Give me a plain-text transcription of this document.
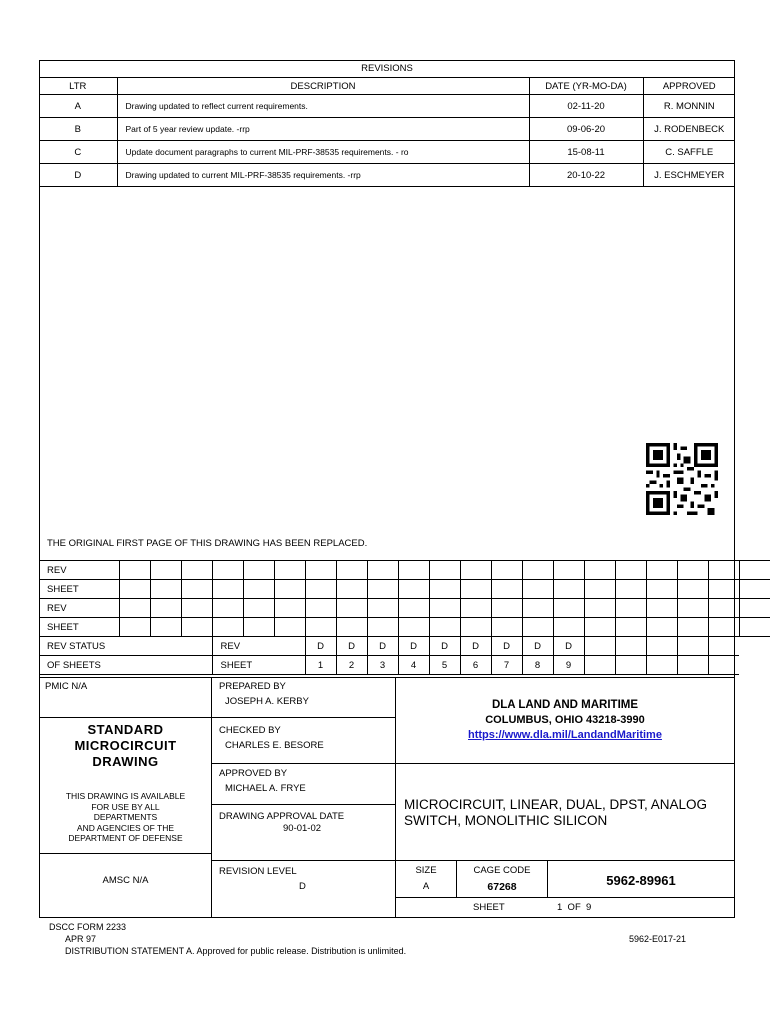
REVISIONS			
LTR	DESCRIPTION	DATE (YR-MO-DA)	APPROVED
A	Drawing updated to reflect current requirements.	02-11-20	R. MONNIN
B	Part of 5 year review update. -rrp	09-06-20	J. RODENBECK
C	Update document paragraphs to current MIL-PRF-38535 requirements. - ro	15-08-11	C. SAFFLE
D	Drawing updated to current MIL-PRF-38535 requirements. -rrp	20-10-22	J. ESCHMEYER
THE ORIGINAL FIRST PAGE OF THIS DRAWING HAS BEEN REPLACED.
REV																					
SHEET																					
REV																					
SHEET																					
REV STATUS				REV			D	D	D	D	D	D	D	D	D						
OF SHEETS				SHEET			1	2	3	4	5	6	7	8	9						
PMIC N/A
STANDARD
MICROCIRCUIT
DRAWING
THIS DRAWING IS AVAILABLE
FOR USE BY ALL
DEPARTMENTS
AND AGENCIES OF THE
DEPARTMENT OF DEFENSE
AMSC N/A
PREPARED BY
JOSEPH A. KERBY
CHECKED BY
CHARLES E. BESORE
APPROVED BY
MICHAEL A. FRYE
DRAWING APPROVAL DATE
90-01-02
REVISION LEVEL
D
DLA LAND AND MARITIME
COLUMBUS, OHIO 43218-3990
https://www.dla.mil/LandandMaritime
MICROCIRCUIT, LINEAR, DUAL, DPST, ANALOG
SWITCH, MONOLITHIC SILICON
SIZE
A
CAGE CODE
67268	5962-89961
SHEET	1  OF  9
DSCC FORM 2233
APR 97
DISTRIBUTION STATEMENT A. Approved for public release. Distribution is unlimited.
5962-E017-21
